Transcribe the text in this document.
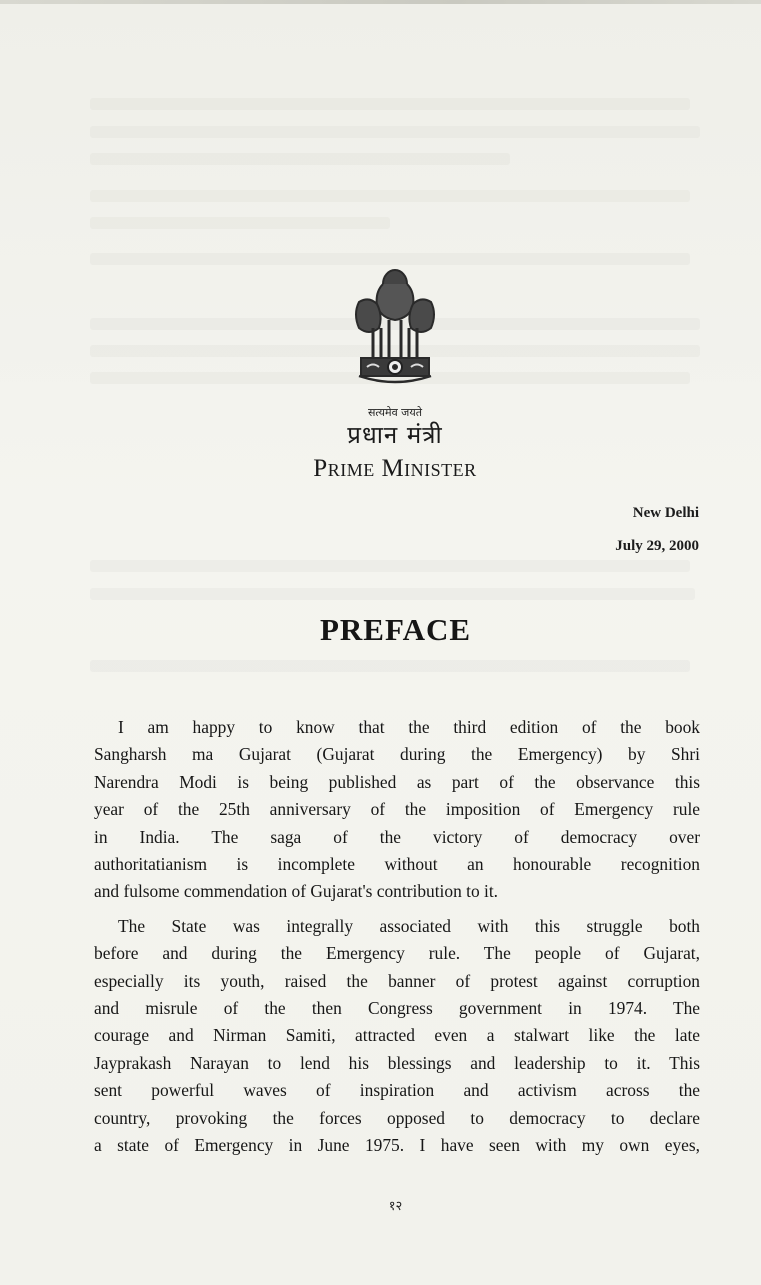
सत्यमेव जयते
प्रधान मंत्री
Prime Minister
New Delhi
July 29, 2000
PREFACE
I am happy to know that the third edition of the book
Sangharsh ma Gujarat (Gujarat during the Emergency) by Shri
Narendra Modi is being published as part of the observance this
year of the 25th anniversary of the imposition of Emergency rule
in India. The saga of the victory of democracy over
authoritatianism is incomplete without an honourable recognition
and fulsome commendation of Gujarat's contribution to it.
The State was integrally associated with this struggle both
before and during the Emergency rule. The people of Gujarat,
especially its youth, raised the banner of protest against corruption
and misrule of the then Congress government in 1974. The
courage and Nirman Samiti, attracted even a stalwart like the late
Jayprakash Narayan to lend his blessings and leadership to it. This
sent powerful waves of inspiration and activism across the
country, provoking the forces opposed to democracy to declare
a state of Emergency in June 1975. I have seen with my own eyes,
१२
